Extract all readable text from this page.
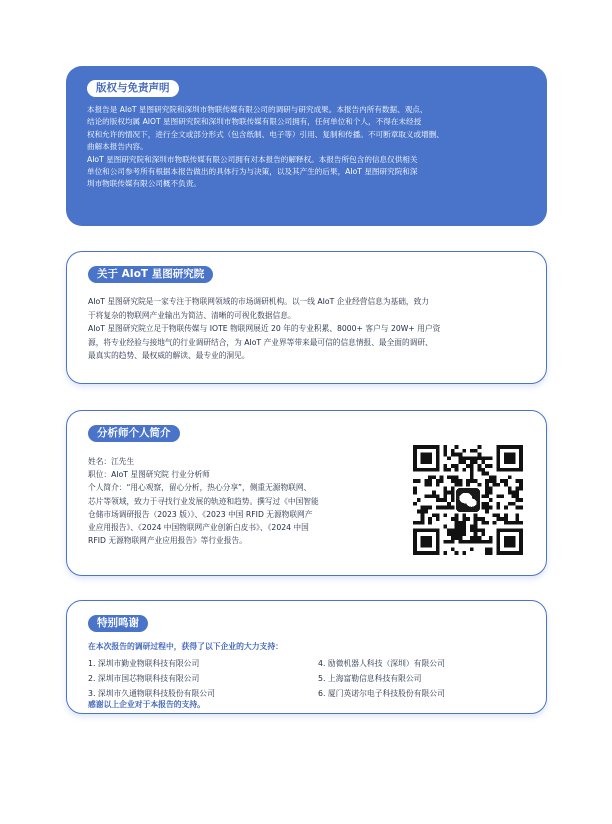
版权与免责声明

本报告是 AIoT 星图研究院和深圳市物联传媒有限公司的调研与研究成果。本报告内所有数据、观点、

结论的版权均属 AIOT 星图研究院和深圳市物联传媒有限公司拥有，任何单位和个人，不得在未经授

权和允许的情况下，进行全文或部分形式（包含纸制、电子等）引用、复制和传播。不可断章取义或增删、

曲解本报告内容。

AIoT 星图研究院和深圳市物联传媒有限公司拥有对本报告的解释权。本报告所包含的信息仅供相关

单位和公司参考所有根据本报告做出的具体行为与决策，以及其产生的后果，AIoT 星图研究院和深

圳市物联传媒有限公司概不负责。

关于 AIoT 星图研究院

AIoT 星图研究院是一家专注于物联网领域的市场调研机构。以一线 AIoT 企业经营信息为基础，致力

于将复杂的物联网产业输出为简洁、清晰的可视化数据信息。

AIoT 星图研究院立足于物联传媒与 IOTE 物联网展近 20 年的专业积累、8000+ 客户与 20W+ 用户资

源，将专业经验与接地气的行业调研结合，为 AIoT 产业界等带来最可信的信息情报、最全面的调研、

最真实的趋势、最权威的解读、最专业的洞见。

分析师个人简介

姓名：江先生

职位：AIoT 星图研究院 行业分析师

个人简介：“用心观察，留心分析，热心分享”，侧重无源物联网、

芯片等领域，致力于寻找行业发展的轨迹和趋势。撰写过《中国智能

仓储市场调研报告（2023 版）》、《2023 中国 RFID 无源物联网产

业应用报告》、《2024 中国物联网产业创新白皮书》、《2024 中国

RFID 无源物联网产业应用报告》等行业报告。

特别鸣谢
在本次报告的调研过程中，获得了以下企业的大力支持：
1. 深圳市勤业物联科技有限公司	4. 励微机器人科技（深圳）有限公司
2. 深圳市国芯物联科技有限公司	5. 上海富勒信息科技有限公司
3. 深圳市久通物联科技股份有限公司	6. 厦门英诺尔电子科技股份有限公司
感谢以上企业对于本报告的支持。
